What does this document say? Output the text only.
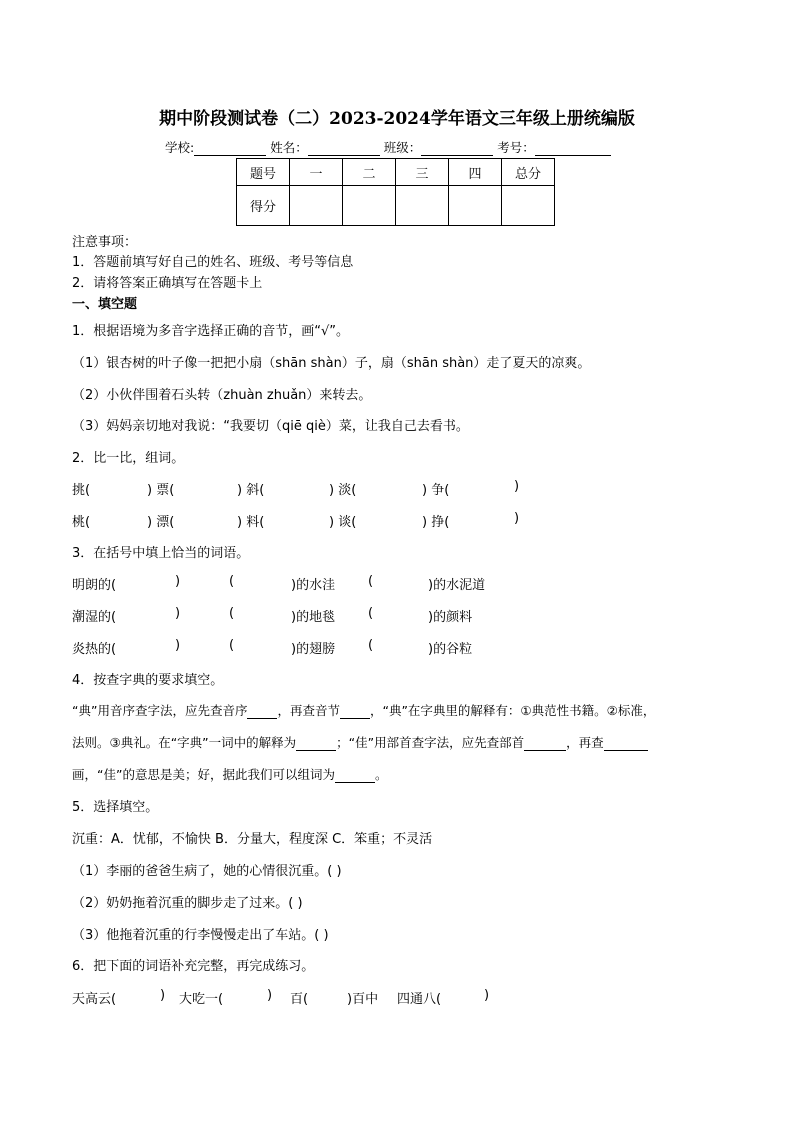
期中阶段测试卷（二）2023-2024学年语文三年级上册统编版
学校:	姓名：	班级：	考号：
题号	一	二	三	四	总分
得分					
注意事项：
1．答题前填写好自己的姓名、班级、考号等信息
2．请将答案正确填写在答题卡上
一、填空题
1．根据语境为多音字选择正确的音节，画“√”。
（1）银杏树的叶子像一把把小扇（shān shàn）子，扇（shān shàn）走了夏天的凉爽。
（2）小伙伴围着石头转（zhuàn zhuǎn）来转去。
（3）妈妈亲切地对我说：“我要切（qiē qiè）菜，让我自己去看书。
2．比一比，组词。
挑(	) 票(	) 斜(	) 淡(	) 争(	)
桃(	) 漂(	) 料(	) 谈(	) 挣(	)
3．在括号中填上恰当的词语。
明朗的(	)	(	)的水洼	(	)的水泥道
潮湿的(	)	(	)的地毯	(	)的颜料
炎热的(	)	(	)的翅膀	(	)的谷粒
4．按查字典的要求填空。
“典”用音序查字法，应先查音序 ，再查音节 ，“典”在字典里的解释有：①典范性书籍。②标准，
法则。③典礼。在“字典”一词中的解释为	；“佳”用部首查字法，应先查部首	，再查
画，“佳”的意思是美；好，据此我们可以组词为	。
5．选择填空。
沉重：A．忧郁，不愉快 B．分量大，程度深 C．笨重；不灵活
（1）李丽的爸爸生病了，她的心情很沉重。( )
（2）奶奶拖着沉重的脚步走了过来。( )
（3）他拖着沉重的行李慢慢走出了车站。( )
6．把下面的词语补充完整，再完成练习。
天高云(	) 大吃一(	) 百(	)百中 四通八(	)
